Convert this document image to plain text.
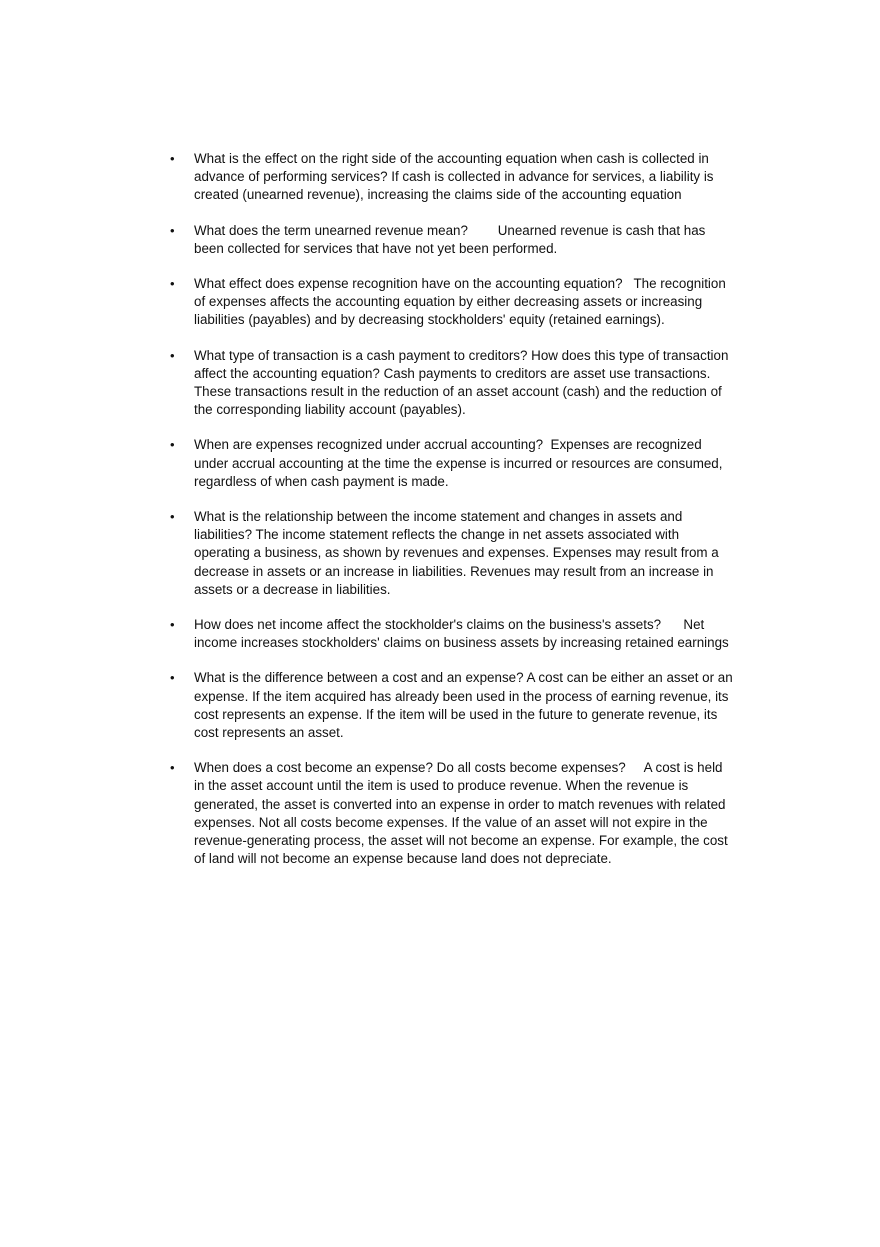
• What is the effect on the right side of the accounting equation when cash is collected in advance of performing services? If cash is collected in advance for services, a liability is created (unearned revenue), increasing the claims side of the accounting equation
• What does the term unearned revenue mean?        Unearned revenue is cash that has been collected for services that have not yet been performed.
• What effect does expense recognition have on the accounting equation?   The recognition of expenses affects the accounting equation by either decreasing assets or increasing liabilities (payables) and by decreasing stockholders' equity (retained earnings).
• What type of transaction is a cash payment to creditors? How does this type of transaction affect the accounting equation? Cash payments to creditors are asset use transactions. These transactions result in the reduction of an asset account (cash) and the reduction of the corresponding liability account (payables).
• When are expenses recognized under accrual accounting?  Expenses are recognized under accrual accounting at the time the expense is incurred or resources are consumed, regardless of when cash payment is made.
• What is the relationship between the income statement and changes in assets and liabilities? The income statement reflects the change in net assets associated with operating a business, as shown by revenues and expenses. Expenses may result from a decrease in assets or an increase in liabilities. Revenues may result from an increase in assets or a decrease in liabilities.
• How does net income affect the stockholder's claims on the business's assets?      Net income increases stockholders' claims on business assets by increasing retained earnings
• What is the difference between a cost and an expense? A cost can be either an asset or an expense. If the item acquired has already been used in the process of earning revenue, its cost represents an expense. If the item will be used in the future to generate revenue, its cost represents an asset.
• When does a cost become an expense? Do all costs become expenses?     A cost is held in the asset account until the item is used to produce revenue. When the revenue is generated, the asset is converted into an expense in order to match revenues with related expenses. Not all costs become expenses. If the value of an asset will not expire in the revenue-generating process, the asset will not become an expense. For example, the cost of land will not become an expense because land does not depreciate.
